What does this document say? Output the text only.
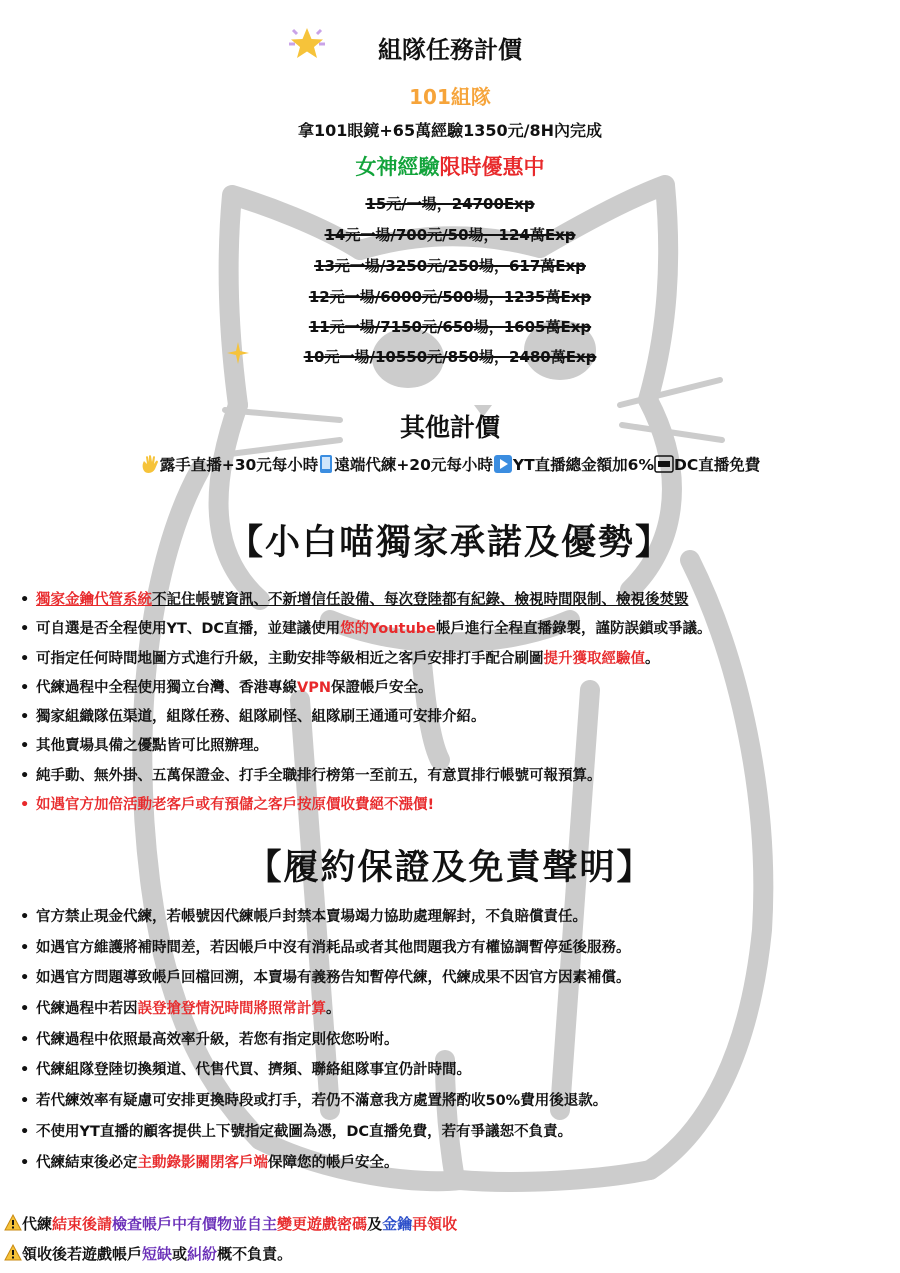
組隊任務計價
101組隊
拿101眼鏡+65萬經驗1350元/8H內完成
女神經驗限時優惠中
15元/一場，24700Exp
14元一場/700元/50場，124萬Exp
13元一場/3250元/250場，617萬Exp
12元一場/6000元/500場，1235萬Exp
11元一場/7150元/650場，1605萬Exp
10元一場/10550元/850場，2480萬Exp
其他計價
露手直播+30元每小時 遠端代練+20元每小時 YT直播總金額加6% DC直播免費
【小白喵獨家承諾及優勢】
• 獨家金鑰代管系統不記住帳號資訊、不新增信任設備、每次登陸都有紀錄、檢視時間限制、檢視後焚毀
• 可自選是否全程使用YT、DC直播，並建議使用您的Youtube帳戶進行全程直播錄製，謹防誤鎖或爭議。
• 可指定任何時間地圖方式進行升級，主動安排等級相近之客戶安排打手配合刷圖提升獲取經驗值。
• 代練過程中全程使用獨立台灣、香港專線VPN保證帳戶安全。
• 獨家組織隊伍渠道，組隊任務、組隊刷怪、組隊刷王通通可安排介紹。
• 其他賣場具備之優點皆可比照辦理。
• 純手動、無外掛、五萬保證金、打手全職排行榜第一至前五，有意買排行帳號可報預算。
• 如遇官方加倍活動老客戶或有預儲之客戶按原價收費絕不漲價!
【履約保證及免責聲明】
• 官方禁止現金代練，若帳號因代練帳戶封禁本賣場竭力協助處理解封，不負賠償責任。
• 如遇官方維護將補時間差，若因帳戶中沒有消耗品或者其他問題我方有權協調暫停延後服務。
• 如遇官方問題導致帳戶回檔回溯，本賣場有義務告知暫停代練，代練成果不因官方因素補償。
• 代練過程中若因誤登搶登情況時間將照常計算。
• 代練過程中依照最高效率升級，若您有指定則依您吩咐。
• 代練組隊登陸切換頻道、代售代買、擠頻、聯絡組隊事宜仍計時間。
• 若代練效率有疑慮可安排更換時段或打手，若仍不滿意我方處置將酌收50%費用後退款。
• 不使用YT直播的顧客提供上下號指定截圖為憑，DC直播免費，若有爭議恕不負責。
• 代練結束後必定主動錄影關閉客戶端保障您的帳戶安全。
代練結束後請檢查帳戶中有價物並自主變更遊戲密碼及金鑰再領收
領收後若遊戲帳戶短缺或糾紛概不負責。
